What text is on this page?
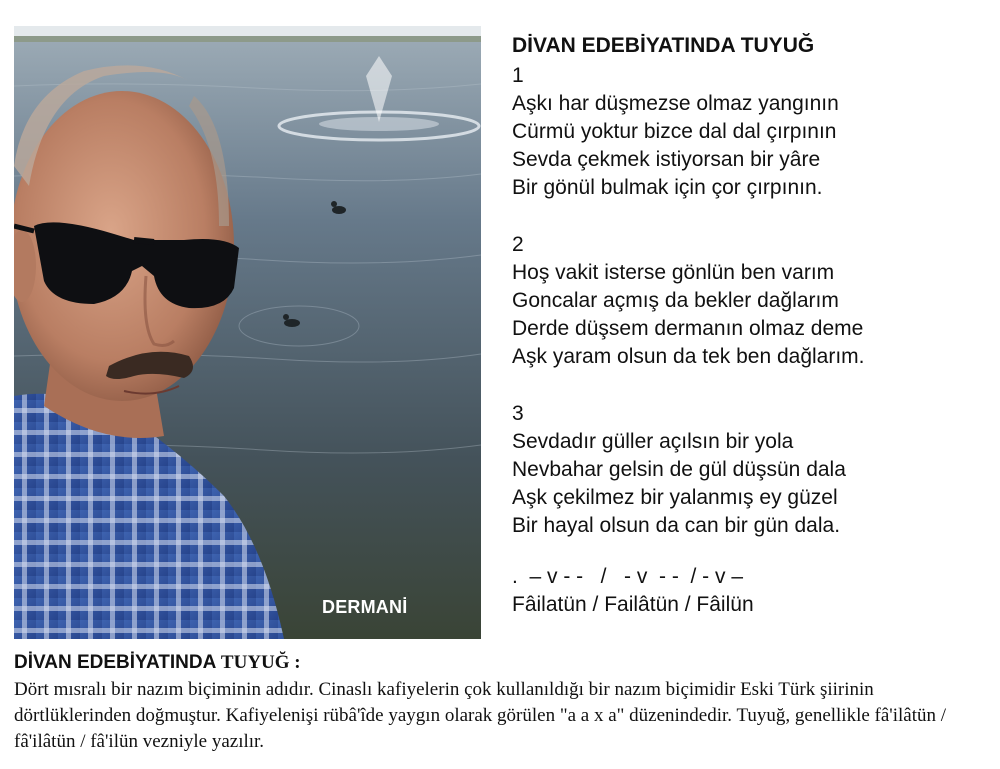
DERMANİ
DİVAN EDEBİYATINDA TUYUĞ
1
Aşkı har düşmezse olmaz yangının
Cürmü yoktur bizce dal dal çırpının
Sevda çekmek istiyorsan bir yâre
Bir gönül bulmak için çor çırpının.
2
Hoş vakit isterse gönlün ben varım
Goncalar açmış da bekler dağlarım
Derde düşsem dermanın olmaz deme
Aşk yaram olsun da tek ben dağlarım.
3
Sevdadır güller açılsın bir yola
Nevbahar gelsin de gül düşsün dala
Aşk çekilmez bir yalanmış ey güzel
Bir hayal olsun da can bir gün dala.
.  – v - -   /   - v  - -  / - v –
Fâilatün / Failâtün / Fâilün
DİVAN EDEBİYATINDA TUYUĞ :
Dört mısralı bir nazım biçiminin adıdır. Cinaslı kafiyelerin çok kullanıldığı bir nazım biçimidir Eski Türk şiirinin dörtlüklerinden doğmuştur. Kafiyelenişi rübâ'îde yaygın olarak görülen "a a x a" düzenindedir. Tuyuğ, genellikle fâ'ilâtün / fâ'ilâtün / fâ'ilün vezniyle yazılır.
